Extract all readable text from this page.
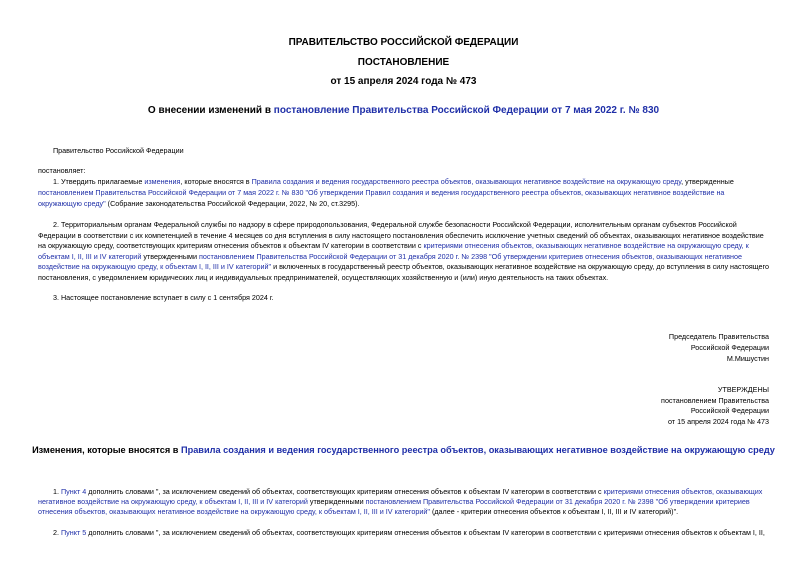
ПРАВИТЕЛЬСТВО РОССИЙСКОЙ ФЕДЕРАЦИИ
ПОСТАНОВЛЕНИЕ
от 15 апреля 2024 года № 473
О внесении изменений в постановление Правительства Российской Федерации от 7 мая 2022 г. № 830
Правительство Российской Федерации
постановляет:
1. Утвердить прилагаемые изменения, которые вносятся в Правила создания и ведения государственного реестра объектов, оказывающих негативное воздействие на окружающую среду, утвержденные
постановлением Правительства Российской Федерации от 7 мая 2022 г. № 830 "Об утверждении Правил создания и ведения государственного реестра объектов, оказывающих негативное воздействие на
окружающую среду" (Собрание законодательства Российской Федерации, 2022, № 20, ст.3295).
2. Территориальным органам Федеральной службы по надзору в сфере природопользования, Федеральной службе безопасности Российской Федерации, исполнительным органам субъектов Российской
Федерации в соответствии с их компетенцией в течение 4 месяцев со дня вступления в силу настоящего постановления обеспечить исключение учетных сведений об объектах, оказывающих негативное воздействие
на окружающую среду, соответствующих критериям отнесения объектов к объектам IV категории в соответствии с критериями отнесения объектов, оказывающих негативное воздействие на окружающую среду, к
объектам I, II, III и IV категорий утвержденными постановлением Правительства Российской Федерации от 31 декабря 2020 г. № 2398 "Об утверждении критериев отнесения объектов, оказывающих негативное
воздействие на окружающую среду, к объектам I, II, III и IV категорий" и включенных в государственный реестр объектов, оказывающих негативное воздействие на окружающую среду, до вступления в силу настоящего
постановления, с уведомлением юридических лиц и индивидуальных предпринимателей, осуществляющих хозяйственную и (или) иную деятельность на таких объектах.
3. Настоящее постановление вступает в силу с 1 сентября 2024 г.
Председатель Правительства
Российской Федерации
М.Мишустин
УТВЕРЖДЕНЫ
постановлением Правительства
Российской Федерации
от 15 апреля 2024 года № 473
Изменения, которые вносятся в Правила создания и ведения государственного реестра объектов, оказывающих негативное воздействие на окружающую среду
1. Пункт 4 дополнить словами ", за исключением сведений об объектах, соответствующих критериям отнесения объектов к объектам IV категории в соответствии с критериями отнесения объектов, оказывающих
негативное воздействие на окружающую среду, к объектам I, II, III и IV категорий утвержденными постановлением Правительства Российской Федерации от 31 декабря 2020 г. № 2398 "Об утверждении критериев
отнесения объектов, оказывающих негативное воздействие на окружающую среду, к объектам I, II, III и IV категорий" (далее - критерии отнесения объектов к объектам I, II, III и IV категорий)".
2. Пункт 5 дополнить словами ", за исключением сведений об объектах, соответствующих критериям отнесения объектов к объектам IV категории в соответствии с критериями отнесения объектов к объектам I, II,
